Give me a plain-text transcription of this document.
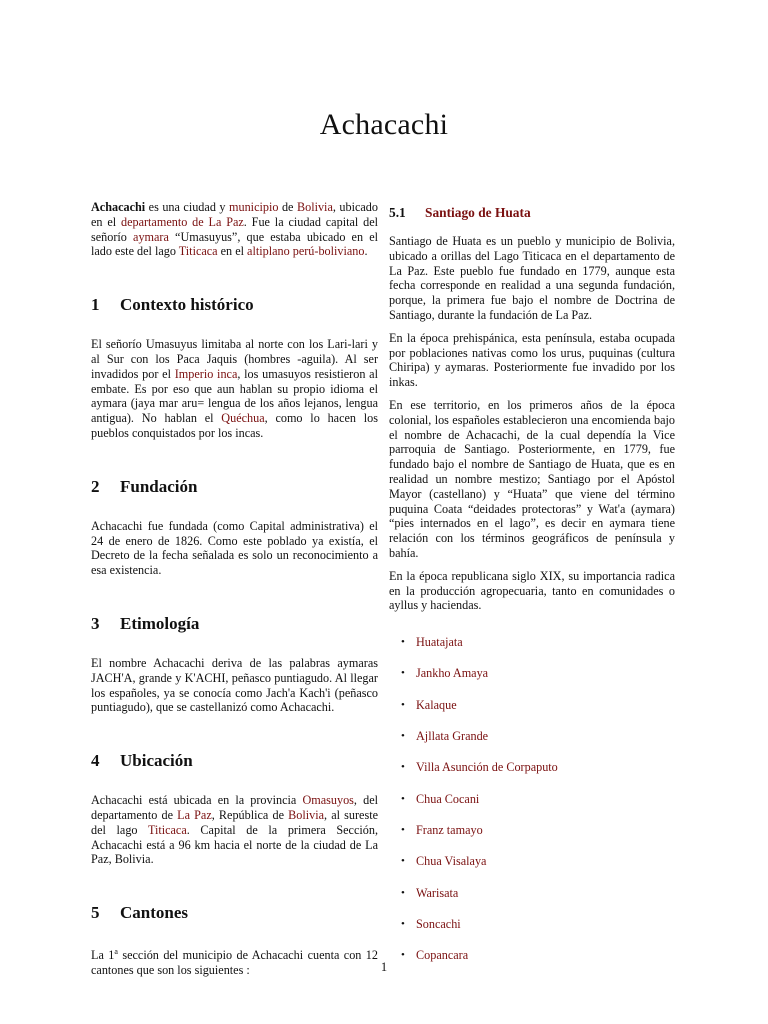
Achacachi

Achacachi es una ciudad y municipio de Bolivia, ubicado en el departamento de La Paz. Fue la ciudad capital del señorío aymara “Umasuyus”, que estaba ubicado en el lado este del lago Titicaca en el altiplano perú-boliviano.

1 Contexto histórico

El señorío Umasuyus limitaba al norte con los Lari-lari y al Sur con los Paca Jaquis (hombres -aguila). Al ser invadidos por el Imperio inca, los umasuyos resistieron al embate. Es por eso que aun hablan su propio idioma el aymara (jaya mar aru= lengua de los años lejanos, lengua antigua). No hablan el Quéchua, como lo hacen los pueblos conquistados por los incas.

2 Fundación

Achacachi fue fundada (como Capital administrativa) el 24 de enero de 1826. Como este poblado ya existía, el Decreto de la fecha señalada es solo un reconocimiento a esa existencia.

3 Etimología

El nombre Achacachi deriva de las palabras aymaras JACH'A, grande y K'ACHI, peñasco puntiagudo. Al llegar los españoles, ya se conocía como Jach'a Kach'i (peñasco puntiagudo), que se castellanizó como Achacachi.

4 Ubicación

Achacachi está ubicada en la provincia Omasuyos, del departamento de La Paz, República de Bolivia, al sureste del lago Titicaca. Capital de la primera Sección, Achacachi está a 96 km hacia el norte de la ciudad de La Paz, Bolivia.

5 Cantones

La 1$^a$ sección del municipio de Achacachi cuenta con 12 cantones que son los siguientes :

5.1 Santiago de Huata

Santiago de Huata es un pueblo y municipio de Bolivia, ubicado a orillas del Lago Titicaca en el departamento de La Paz. Este pueblo fue fundado en 1779, aunque esta fecha corresponde en realidad a una segunda fundación, porque, la primera fue bajo el nombre de Doctrina de Santiago, durante la fundación de La Paz.

En la época prehispánica, esta península, estaba ocupada por poblaciones nativas como los urus, puquinas (cultura Chiripa) y aymaras. Posteriormente fue invadido por los inkas.

En ese territorio, en los primeros años de la época colonial, los españoles establecieron una encomienda bajo el nombre de Achacachi, de la cual dependía la Vice parroquia de Santiago. Posteriormente, en 1779, fue fundado bajo el nombre de Santiago de Huata, que es en realidad un nombre mestizo; Santiago por el Apóstol Mayor (castellano) y “Huata” que viene del término puquina Coata “deidades protectoras” y Wat'a (aymara) “pies internados en el lago”, es decir en aymara tiene relación con los términos geográficos de península y bahía.

En la época republicana siglo XIX, su importancia radica en la producción agropecuaria, tanto en comunidades o ayllus y haciendas.

• Huatajata
• Jankho Amaya
• Kalaque
• Ajllata Grande
• Villa Asunción de Corpaputo
• Chua Cocani
• Franz tamayo
• Chua Visalaya
• Warisata
• Soncachi
• Copancara
1
